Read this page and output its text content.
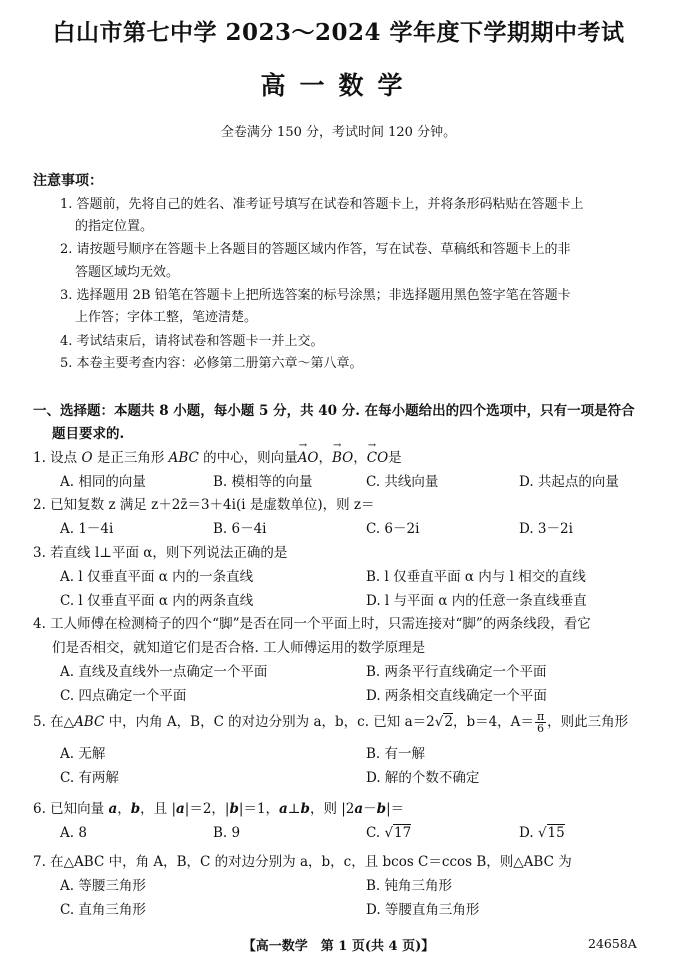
白山市第七中学 2023～2024 学年度下学期期中考试
高一数学
全卷满分 150 分，考试时间 120 分钟。
注意事项：
1. 答题前，先将自己的姓名、准考证号填写在试卷和答题卡上，并将条形码粘贴在答题卡上
的指定位置。
2. 请按题号顺序在答题卡上各题目的答题区域内作答，写在试卷、草稿纸和答题卡上的非
答题区域均无效。
3. 选择题用 2B 铅笔在答题卡上把所选答案的标号涂黑；非选择题用黑色签字笔在答题卡
上作答；字体工整，笔迹清楚。
4. 考试结束后，请将试卷和答题卡一并上交。
5. 本卷主要考查内容：必修第二册第六章～第八章。
一、选择题：本题共 8 小题，每小题 5 分，共 40 分. 在每小题给出的四个选项中，只有一项是符合
题目要求的.
1. 设点 O 是正三角形 ABC 的中心，则向量→ AO，→ BO，→ CO是
A. 相同的向量	B. 模相等的向量	C. 共线向量	D. 共起点的向量
2. 已知复数 z 满足 z＋2z̄＝3＋4i(i 是虚数单位)，则 z＝
A. 1－4i	B. 6－4i	C. 6－2i	D. 3－2i
3. 若直线 l⊥平面 α，则下列说法正确的是
A. l 仅垂直平面 α 内的一条直线	B. l 仅垂直平面 α 内与 l 相交的直线
C. l 仅垂直平面 α 内的两条直线	D. l 与平面 α 内的任意一条直线垂直
4. 工人师傅在检测椅子的四个“脚”是否在同一个平面上时，只需连接对“脚”的两条线段，看它
们是否相交，就知道它们是否合格. 工人师傅运用的数学原理是
A. 直线及直线外一点确定一个平面	B. 两条平行直线确定一个平面
C. 四点确定一个平面	D. 两条相交直线确定一个平面
5. 在△ABC 中，内角 A，B，C 的对边分别为 a，b，c. 已知 a＝2√2，b＝4，$A= \frac{\pi}{6}$ ，则此三角形
A. 无解	B. 有一解
C. 有两解	D. 解的个数不确定
6. 已知向量 a，b，且 |a|＝2，|b|＝1，a⊥b，则 |2a－b|＝
A. 8	B. 9	C. √17	D. √15
7. 在△ABC 中，角 A，B，C 的对边分别为 a，b，c，且 bcos C＝ccos B，则△ABC 为
A. 等腰三角形	B. 钝角三角形
C. 直角三角形	D. 等腰直角三角形
【高一数学　第 1 页(共 4 页)】	24658A
